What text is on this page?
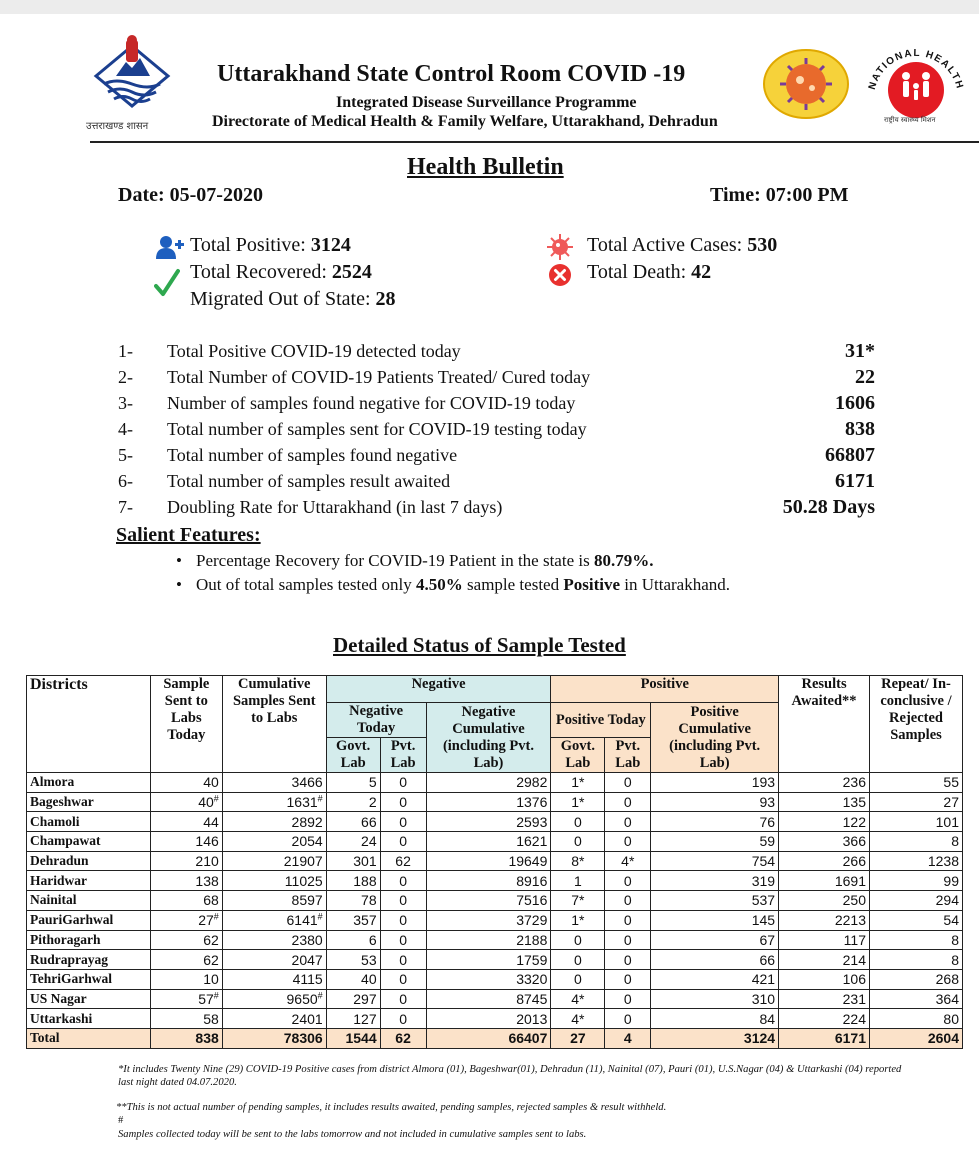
उत्तराखण्ड शासन
Uttarakhand State Control Room COVID -19
Integrated Disease Surveillance Programme
Directorate of Medical Health & Family Welfare, Uttarakhand, Dehradun
NATIONAL HEALTH
राष्ट्रीय स्वास्थ्य मिशन
Health Bulletin
Date: 05-07-2020	Time: 07:00 PM
Total Positive: 3124
Total Recovered: 2524
Migrated Out of State: 28
Total Active Cases: 530
Total Death: 42
1- Total Positive COVID-19 detected today	31*
2- Total Number of COVID-19 Patients Treated/ Cured today	22
3- Number of samples found negative for COVID-19 today	1606
4- Total number of samples sent for COVID-19 testing today	838
5- Total number of samples found negative	66807
6- Total number of samples result awaited	6171
7- Doubling Rate for Uttarakhand (in last 7 days)	50.28 Days
Salient Features:
• Percentage Recovery for COVID-19 Patient in the state is 80.79%.
• Out of total samples tested only 4.50% sample tested Positive in Uttarakhand.
Detailed Status of Sample Tested
Districts	Sample Sent to Labs Today	Cumulative Samples Sent to Labs	Negative			Positive			Results Awaited**	Repeat/ In-conclusive / Rejected Samples
			Negative Today		Negative Cumulative (including Pvt. Lab)	Positive Today		Positive Cumulative (including Pvt. Lab)		
			Govt. Lab	Pvt. Lab		Govt. Lab	Pvt. Lab			
Almora	40	3466	5	0	2982	1*	0	193	236	55
Bageshwar	40#	1631#	2	0	1376	1*	0	93	135	27
Chamoli	44	2892	66	0	2593	0	0	76	122	101
Champawat	146	2054	24	0	1621	0	0	59	366	8
Dehradun	210	21907	301	62	19649	8*	4*	754	266	1238
Haridwar	138	11025	188	0	8916	1	0	319	1691	99
Nainital	68	8597	78	0	7516	7*	0	537	250	294
PauriGarhwal	27#	6141#	357	0	3729	1*	0	145	2213	54
Pithoragarh	62	2380	6	0	2188	0	0	67	117	8
Rudraprayag	62	2047	53	0	1759	0	0	66	214	8
TehriGarhwal	10	4115	40	0	3320	0	0	421	106	268
US Nagar	57#	9650#	297	0	8745	4*	0	310	231	364
Uttarkashi	58	2401	127	0	2013	4*	0	84	224	80
Total	838	78306	1544	62	66407	27	4	3124	6171	2604
*It includes Twenty Nine (29) COVID-19 Positive cases from district Almora (01), Bageshwar(01), Dehradun (11), Nainital (07), Pauri (01), U.S.Nagar (04) & Uttarkashi (04) reported last night dated 04.07.2020.
**This is not actual number of pending samples, it includes results awaited, pending samples, rejected samples & result withheld.
#
Samples collected today will be sent to the labs tomorrow and not included in cumulative samples sent to labs.
